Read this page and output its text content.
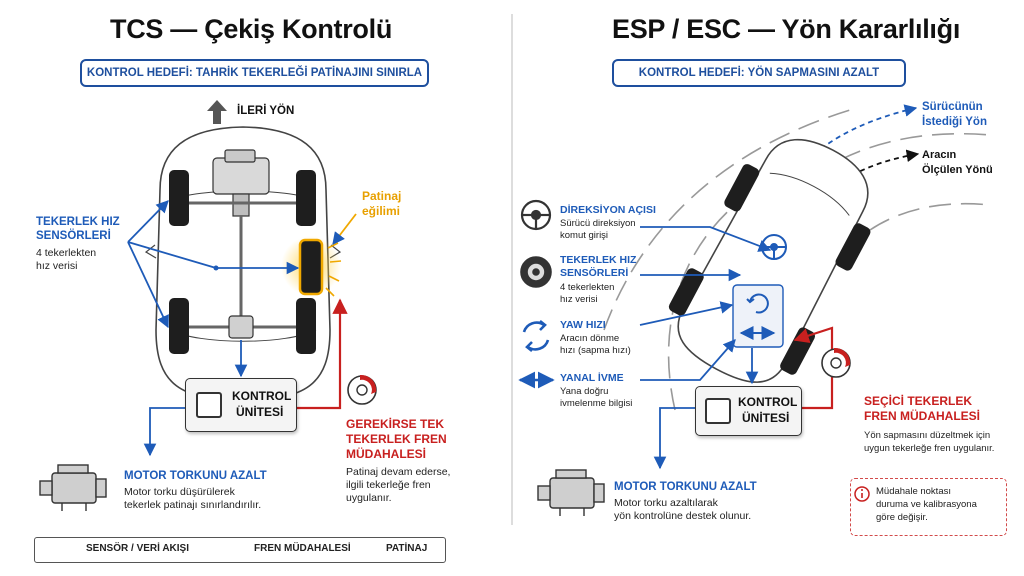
TCS — Çekiş Kontrolü
KONTROL HEDEFİ: TAHRİK TEKERLEĞİ PATİNAJINI SINIRLA
İLERİ YÖN
TEKERLEK HIZ
SENSÖRLERİ
4 tekerlekten
hız verisi
Patinaj
eğilimi
KONTROL
ÜNİTESİ
GEREKİRSE TEK
TEKERLEK FREN
MÜDAHALESİ
Patinaj devam ederse,
ilgili tekerleğe fren
uygulanır.
MOTOR TORKUNU AZALT
Motor torku düşürülerek
tekerlek patinajı sınırlandırılır.
SENSÖR / VERİ AKIŞI	FREN MÜDAHALESİ	PATİNAJ
ESP / ESC — Yön Kararlılığı
KONTROL HEDEFİ: YÖN SAPMASINI AZALT
Sürücünün
İstediği Yön
Aracın
Ölçülen Yönü
DİREKSİYON AÇISI
Sürücü direksiyon
komut girişi
TEKERLEK HIZ
SENSÖRLERİ
4 tekerlekten
hız verisi
YAW HIZI
Aracın dönme
hızı (sapma hızı)
YANAL İVME
Yana doğru
ivmelenme bilgisi	KONTROL
ÜNİTESİ
SEÇİCİ TEKERLEK
FREN MÜDAHALESİ
Yön sapmasını düzeltmek için
uygun tekerleğe fren uygulanır.
MOTOR TORKUNU AZALT
Motor torku azaltılarak
yön kontrolüne destek olunur.
Müdahale noktası
duruma ve kalibrasyona
göre değişir.
